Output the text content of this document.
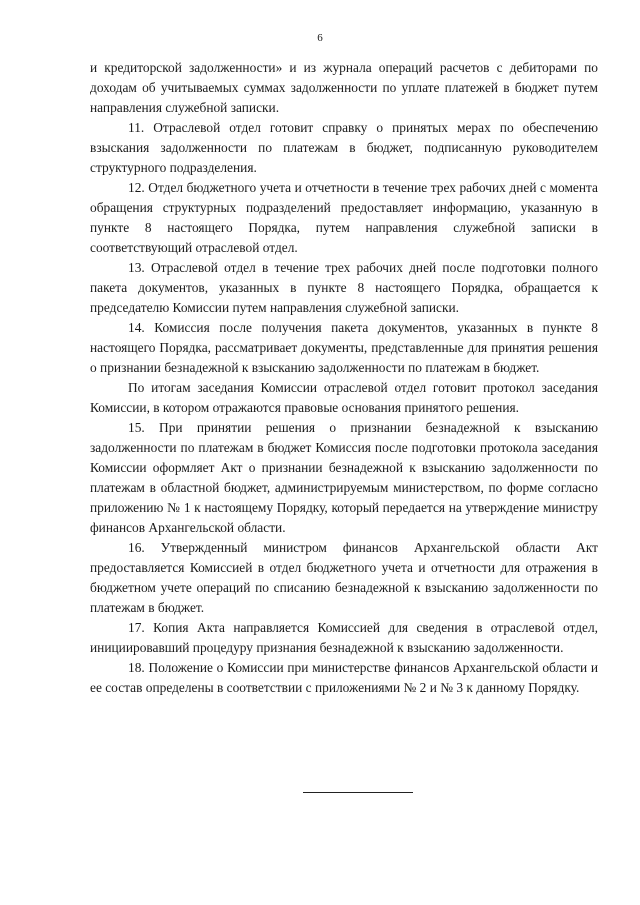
6

и кредиторской задолженности» и из журнала операций расчетов с дебиторами по доходам об учитываемых суммах задолженности по уплате платежей в бюджет путем направления служебной записки.

11. Отраслевой отдел готовит справку о принятых мерах по обеспечению взыскания задолженности по платежам в бюджет, подписанную руководителем структурного подразделения.

12. Отдел бюджетного учета и отчетности в течение трех рабочих дней с момента обращения структурных подразделений предоставляет информацию, указанную в пункте 8 настоящего Порядка, путем направления служебной записки в соответствующий отраслевой отдел.

13. Отраслевой отдел в течение трех рабочих дней после подготовки полного пакета документов, указанных в пункте 8 настоящего Порядка, обращается к председателю Комиссии путем направления служебной записки.

14. Комиссия после получения пакета документов, указанных в пункте 8 настоящего Порядка, рассматривает документы, представленные для принятия решения о признании безнадежной к взысканию задолженности по платежам в бюджет.

По итогам заседания Комиссии отраслевой отдел готовит протокол заседания Комиссии, в котором отражаются правовые основания принятого решения.

15. При принятии решения о признании безнадежной к взысканию задолженности по платежам в бюджет Комиссия после подготовки протокола заседания Комиссии оформляет Акт о признании безнадежной к взысканию задолженности по платежам в областной бюджет, администрируемым министерством, по форме согласно приложению № 1 к настоящему Порядку, который передается на утверждение министру финансов Архангельской области.

16. Утвержденный министром финансов Архангельской области Акт предоставляется Комиссией в отдел бюджетного учета и отчетности для отражения в бюджетном учете операций по списанию безнадежной к взысканию задолженности по платежам в бюджет.

17. Копия Акта направляется Комиссией для сведения в отраслевой отдел, инициировавший процедуру признания безнадежной к взысканию задолженности.

18. Положение о Комиссии при министерстве финансов Архангельской области и ее состав определены в соответствии с приложениями № 2 и № 3 к данному Порядку.
